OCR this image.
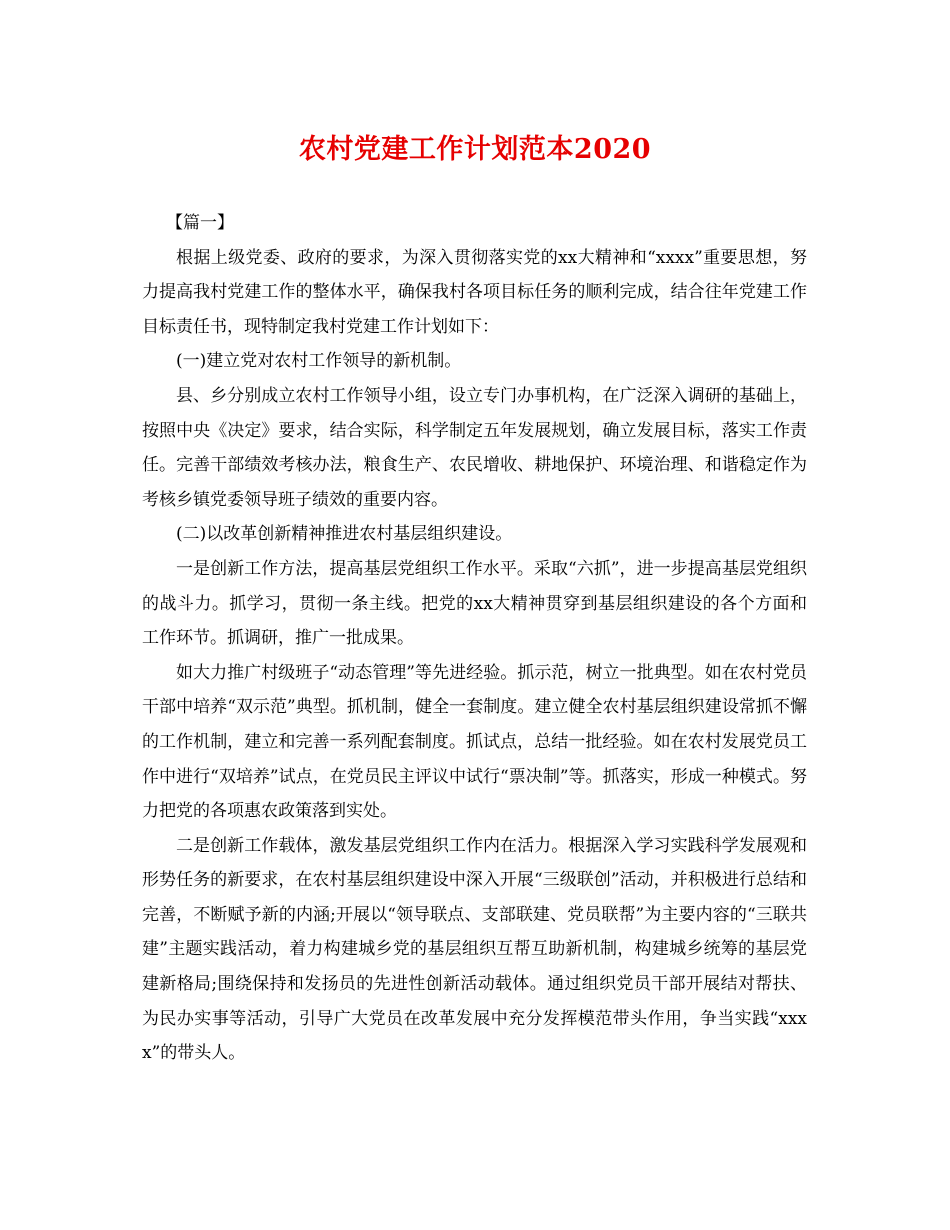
农村党建工作计划范本2020

【篇一】

根据上级党委、政府的要求，为深入贯彻落实党的xx大精神和“xxxx”重要思想，努力提高我村党建工作的整体水平，确保我村各项目标任务的顺利完成，结合往年党建工作目标责任书，现特制定我村党建工作计划如下：

(一)建立党对农村工作领导的新机制。

县、乡分别成立农村工作领导小组，设立专门办事机构，在广泛深入调研的基础上，按照中央《决定》要求，结合实际，科学制定五年发展规划，确立发展目标，落实工作责任。完善干部绩效考核办法，粮食生产、农民增收、耕地保护、环境治理、和谐稳定作为考核乡镇党委领导班子绩效的重要内容。

(二)以改革创新精神推进农村基层组织建设。

一是创新工作方法，提高基层党组织工作水平。采取“六抓”，进一步提高基层党组织的战斗力。抓学习，贯彻一条主线。把党的xx大精神贯穿到基层组织建设的各个方面和工作环节。抓调研，推广一批成果。

如大力推广村级班子“动态管理”等先进经验。抓示范，树立一批典型。如在农村党员干部中培养“双示范”典型。抓机制，健全一套制度。建立健全农村基层组织建设常抓不懈的工作机制，建立和完善一系列配套制度。抓试点，总结一批经验。如在农村发展党员工作中进行“双培养”试点，在党员民主评议中试行“票决制”等。抓落实，形成一种模式。努力把党的各项惠农政策落到实处。

二是创新工作载体，激发基层党组织工作内在活力。根据深入学习实践科学发展观和形势任务的新要求，在农村基层组织建设中深入开展“三级联创”活动，并积极进行总结和完善，不断赋予新的内涵;开展以“领导联点、支部联建、党员联帮”为主要内容的“三联共建”主题实践活动，着力构建城乡党的基层组织互帮互助新机制，构建城乡统筹的基层党建新格局;围绕保持和发扬员的先进性创新活动载体。通过组织党员干部开展结对帮扶、为民办实事等活动，引导广大党员在改革发展中充分发挥模范带头作用，争当实践“xxxx”的带头人。
